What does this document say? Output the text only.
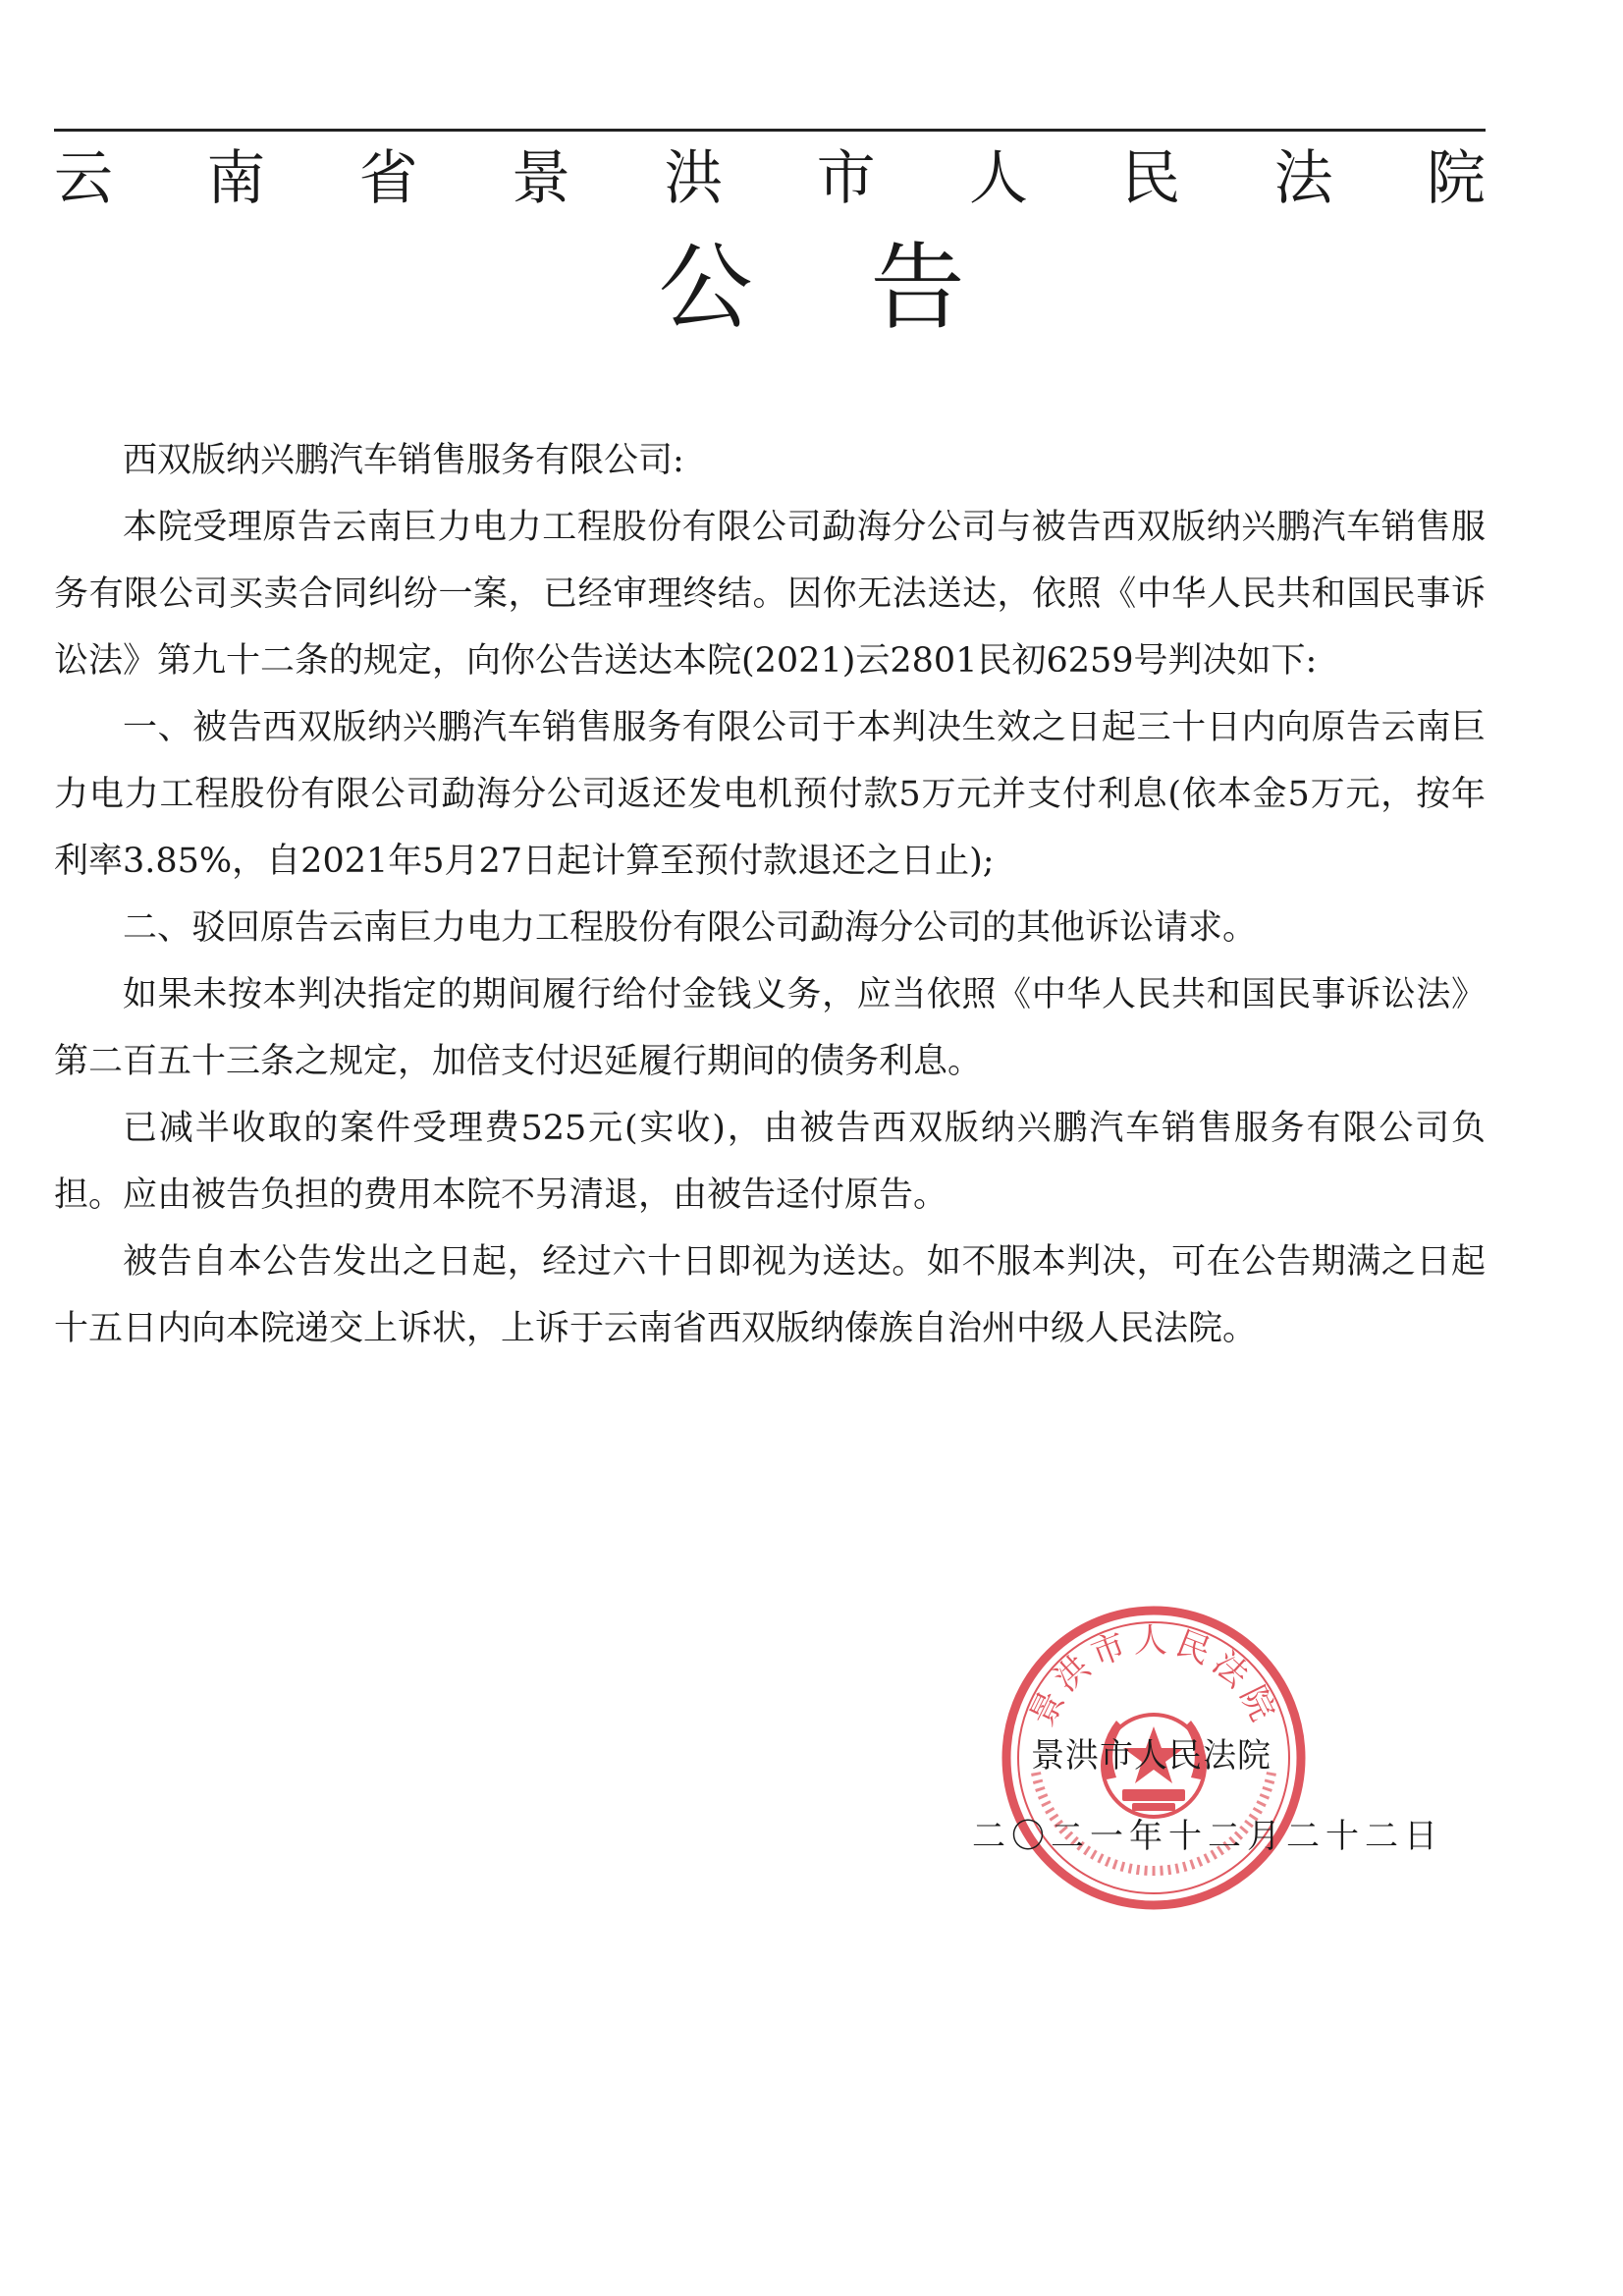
云 南 省 景 洪 市 人 民 法 院
公 告

西双版纳兴鹏汽车销售服务有限公司:

本院受理原告云南巨力电力工程股份有限公司勐海分公司与被告西双版纳兴鹏汽车销售服务有限公司买卖合同纠纷一案，已经审理终结。因你无法送达，依照《中华人民共和国民事诉讼法》第九十二条的规定，向你公告送达本院(2021)云2801民初6259号判决如下:

一、被告西双版纳兴鹏汽车销售服务有限公司于本判决生效之日起三十日内向原告云南巨力电力工程股份有限公司勐海分公司返还发电机预付款5万元并支付利息(依本金5万元，按年利率3.85%，自2021年5月27日起计算至预付款退还之日止);

二、驳回原告云南巨力电力工程股份有限公司勐海分公司的其他诉讼请求。

如果未按本判决指定的期间履行给付金钱义务，应当依照《中华人民共和国民事诉讼法》第二百五十三条之规定，加倍支付迟延履行期间的债务利息。

已减半收取的案件受理费525元(实收)，由被告西双版纳兴鹏汽车销售服务有限公司负担。应由被告负担的费用本院不另清退，由被告迳付原告。

被告自本公告发出之日起，经过六十日即视为送达。如不服本判决，可在公告期满之日起十五日内向本院递交上诉状，上诉于云南省西双版纳傣族自治州中级人民法院。

景洪市人民法院
景洪市人民法院
二〇二一年十二月二十二日
